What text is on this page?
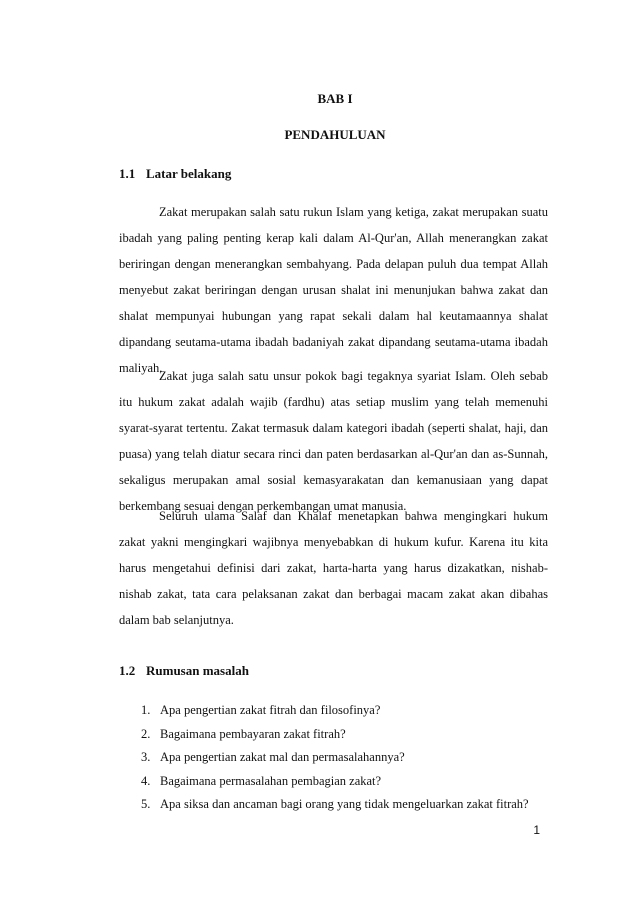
BAB I
PENDAHULUAN
1.1 Latar belakang

Zakat merupakan salah satu rukun Islam yang ketiga, zakat merupakan suatu ibadah yang paling penting kerap kali dalam Al-Qur'an, Allah menerangkan zakat beriringan dengan menerangkan sembahyang. Pada delapan puluh dua tempat Allah menyebut zakat beriringan dengan urusan shalat ini menunjukan bahwa zakat dan shalat mempunyai hubungan yang rapat sekali dalam hal keutamaannya shalat dipandang seutama-utama ibadah badaniyah zakat dipandang seutama-utama ibadah maliyah.

Zakat juga salah satu unsur pokok bagi tegaknya syariat Islam. Oleh sebab itu hukum zakat adalah wajib (fardhu) atas setiap muslim yang telah memenuhi syarat-syarat tertentu. Zakat termasuk dalam kategori ibadah (seperti shalat, haji, dan puasa) yang telah diatur secara rinci dan paten berdasarkan al-Qur'an dan as-Sunnah, sekaligus merupakan amal sosial kemasyarakatan dan kemanusiaan yang dapat berkembang sesuai dengan perkembangan umat manusia.

Seluruh ulama Salaf dan Khalaf menetapkan bahwa mengingkari hukum zakat yakni mengingkari wajibnya menyebabkan di hukum kufur. Karena itu kita harus mengetahui definisi dari zakat, harta-harta yang harus dizakatkan, nishab-nishab zakat, tata cara pelaksanan zakat dan berbagai macam zakat akan dibahas dalam bab selanjutnya.

1.2 Rumusan masalah
1. Apa pengertian zakat fitrah dan filosofinya?
2. Bagaimana pembayaran zakat fitrah?
3. Apa pengertian zakat mal dan permasalahannya?
4. Bagaimana permasalahan pembagian zakat?
5. Apa siksa dan ancaman bagi orang yang tidak mengeluarkan zakat fitrah?
1
